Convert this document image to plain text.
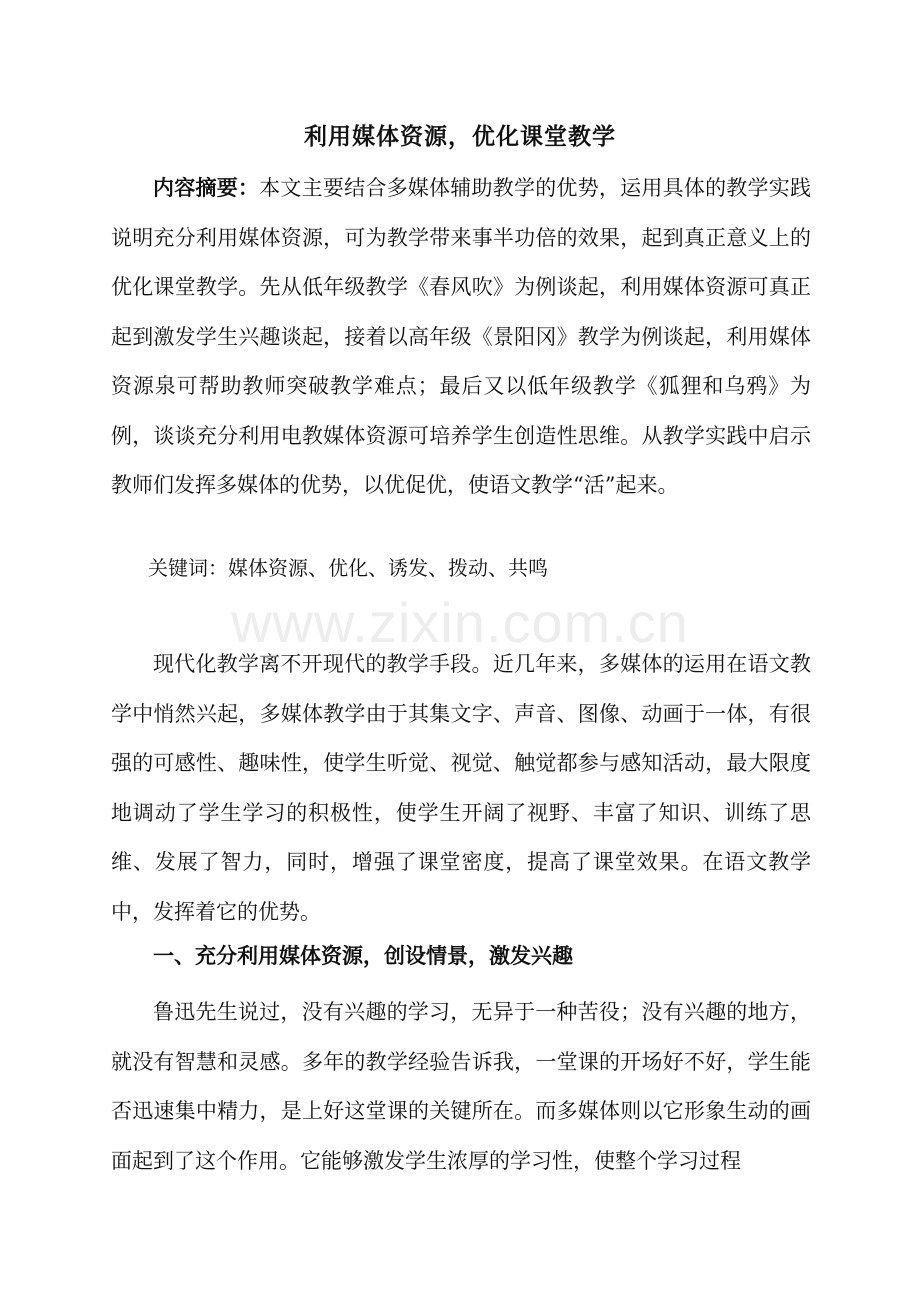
利用媒体资源，优化课堂教学

内容摘要：本文主要结合多媒体辅助教学的优势，运用具体的教学实践说明充分利用媒体资源，可为教学带来事半功倍的效果，起到真正意义上的优化课堂教学。先从低年级教学《春风吹》为例谈起，利用媒体资源可真正起到激发学生兴趣谈起，接着以高年级《景阳冈》教学为例谈起，利用媒体资源泉可帮助教师突破教学难点；最后又以低年级教学《狐狸和乌鸦》为例，谈谈充分利用电教媒体资源可培养学生创造性思维。从教学实践中启示教师们发挥多媒体的优势，以优促优，使语文教学“活”起来。

关键词：媒体资源、优化、诱发、拨动、共鸣
www.zixin.com.cn

现代化教学离不开现代的教学手段。近几年来，多媒体的运用在语文教学中悄然兴起，多媒体教学由于其集文字、声音、图像、动画于一体，有很强的可感性、趣味性，使学生听觉、视觉、触觉都参与感知活动，最大限度地调动了学生学习的积极性，使学生开阔了视野、丰富了知识、训练了思维、发展了智力，同时，增强了课堂密度，提高了课堂效果。在语文教学中，发挥着它的优势。

一、充分利用媒体资源，创设情景，激发兴趣

鲁迅先生说过，没有兴趣的学习，无异于一种苦役；没有兴趣的地方，就没有智慧和灵感。多年的教学经验告诉我，一堂课的开场好不好，学生能否迅速集中精力，是上好这堂课的关键所在。而多媒体则以它形象生动的画面起到了这个作用。它能够激发学生浓厚的学习性，使整个学习过程
